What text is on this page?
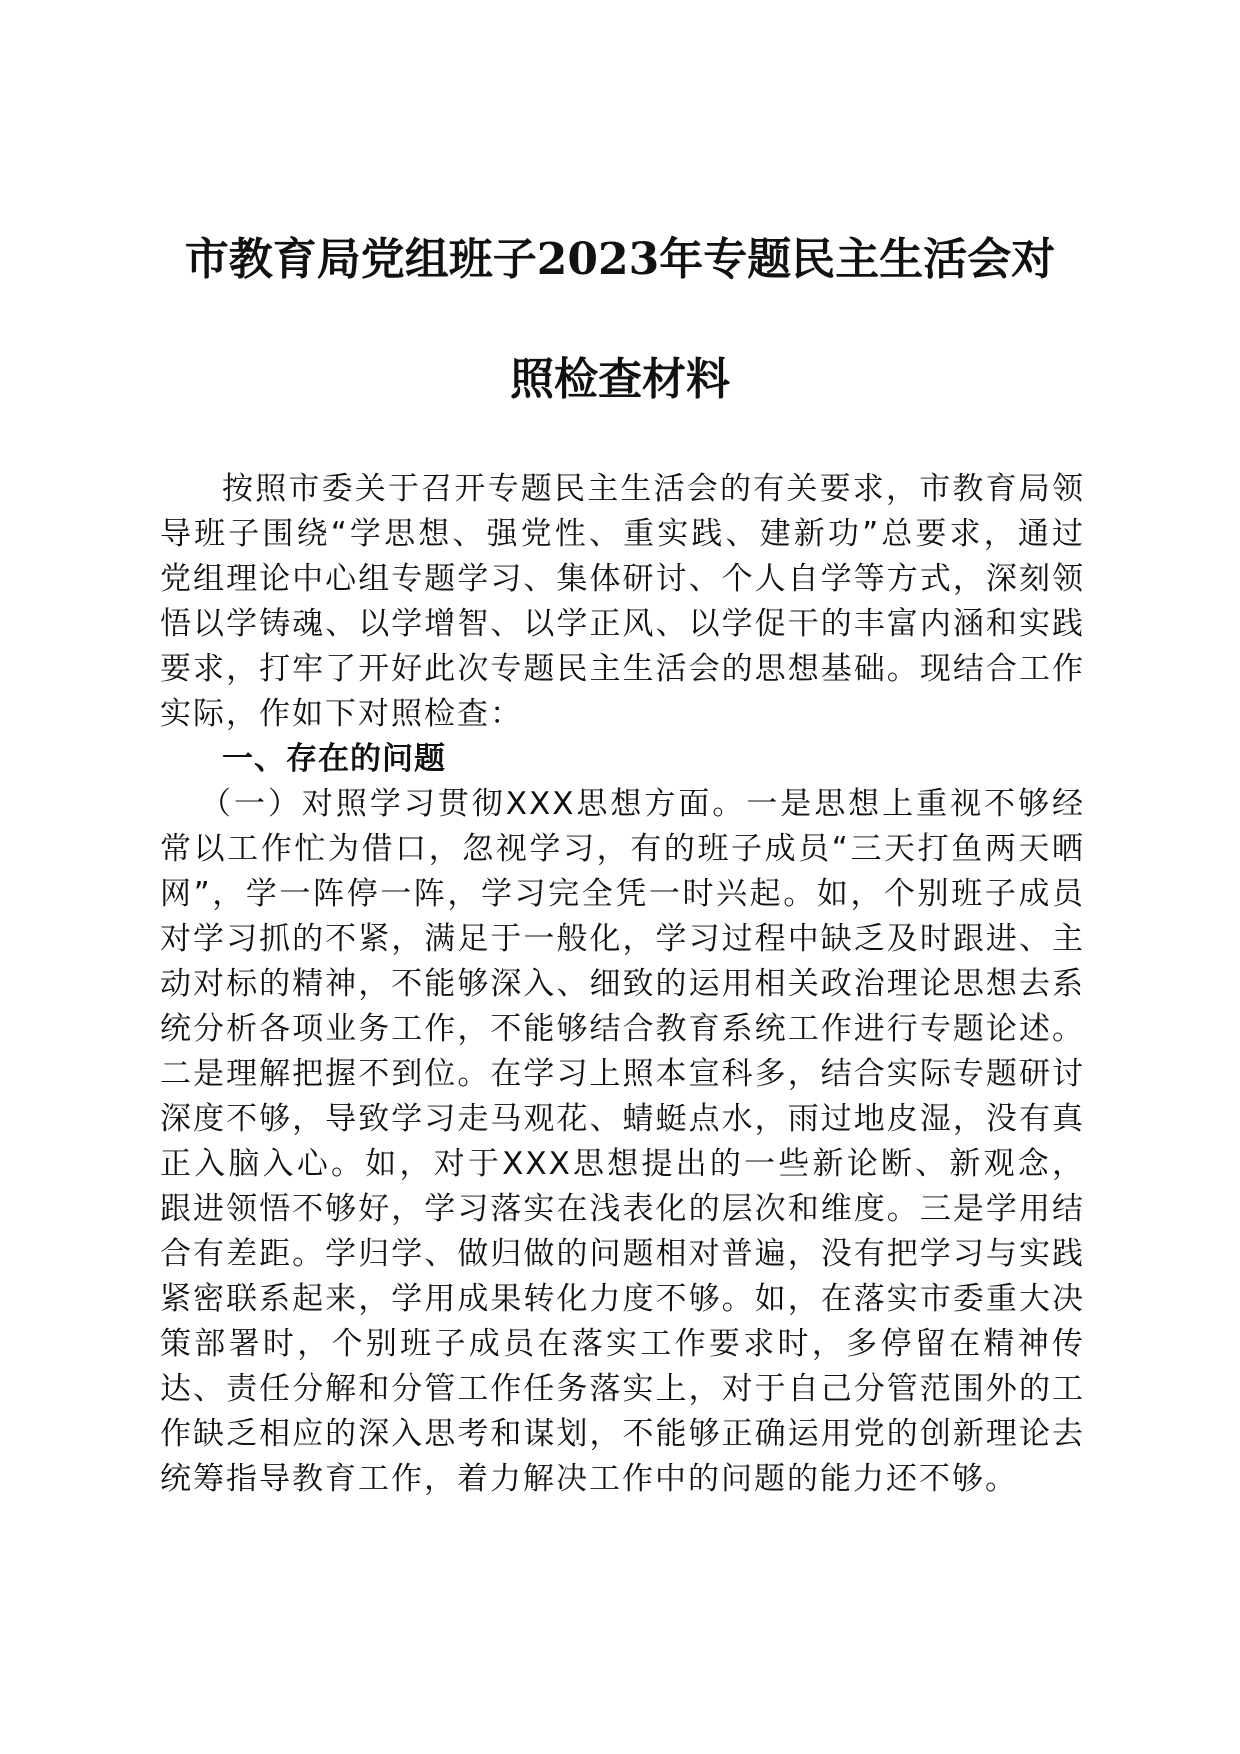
市教育局党组班子2023年专题民主生活会对
照检查材料

按照市委关于召开专题民主生活会的有关要求，市教育局领导班子围绕“学思想、强党性、重实践、建新功”总要求，通过党组理论中心组专题学习、集体研讨、个人自学等方式，深刻领悟以学铸魂、以学增智、以学正风、以学促干的丰富内涵和实践要求，打牢了开好此次专题民主生活会的思想基础。现结合工作实际，作如下对照检查：

一、存在的问题

（一）对照学习贯彻XXX思想方面。一是思想上重视不够经常以工作忙为借口，忽视学习，有的班子成员“三天打鱼两天晒网”，学一阵停一阵，学习完全凭一时兴起。如，个别班子成员对学习抓的不紧，满足于一般化，学习过程中缺乏及时跟进、主动对标的精神，不能够深入、细致的运用相关政治理论思想去系统分析各项业务工作，不能够结合教育系统工作进行专题论述。二是理解把握不到位。在学习上照本宣科多，结合实际专题研讨深度不够，导致学习走马观花、蜻蜓点水，雨过地皮湿，没有真正入脑入心。如，对于XXX思想提出的一些新论断、新观念，跟进领悟不够好，学习落实在浅表化的层次和维度。三是学用结合有差距。学归学、做归做的问题相对普遍，没有把学习与实践紧密联系起来，学用成果转化力度不够。如，在落实市委重大决策部署时，个别班子成员在落实工作要求时，多停留在精神传达、责任分解和分管工作任务落实上，对于自己分管范围外的工作缺乏相应的深入思考和谋划，不能够正确运用党的创新理论去统筹指导教育工作，着力解决工作中的问题的能力还不够。
